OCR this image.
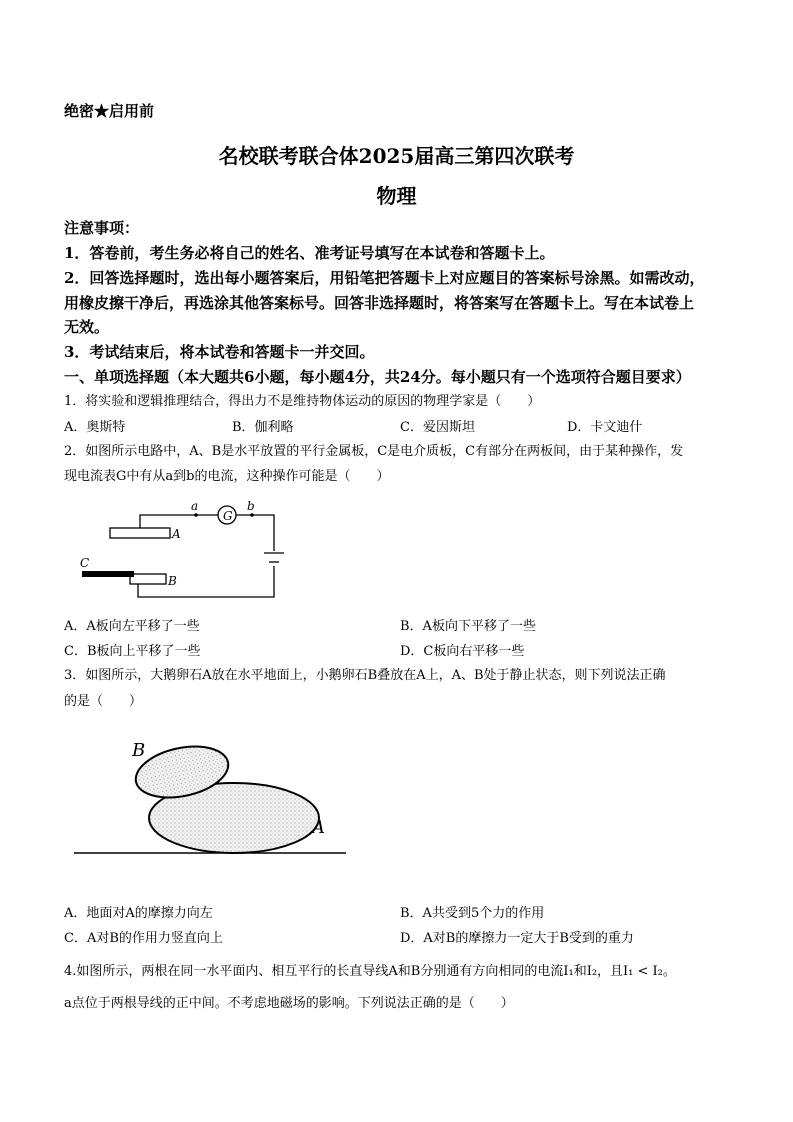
绝密★启用前
名校联考联合体2025届高三第四次联考
物理
注意事项：
1．答卷前，考生务必将自己的姓名、准考证号填写在本试卷和答题卡上。
2．回答选择题时，选出每小题答案后，用铅笔把答题卡上对应题目的答案标号涂黑。如需改动，
用橡皮擦干净后，再选涂其他答案标号。回答非选择题时，将答案写在答题卡上。写在本试卷上
无效。
3．考试结束后，将本试卷和答题卡一并交回。
一、单项选择题（本大题共6小题，每小题4分，共24分。每小题只有一个选项符合题目要求）
1．将实验和逻辑推理结合，得出力不是维持物体运动的原因的物理学家是（　　）
A．奥斯特	B．伽利略	C．爱因斯坦	D．卡文迪什
2．如图所示电路中，A、B是水平放置的平行金属板，C是电介质板，C有部分在两板间，由于某种操作，发
现电流表G中有从a到b的电流，这种操作可能是（　　）
G
a	b
A
B
C
A．A板向左平移了一些	B．A板向下平移了一些
C．B板向上平移了一些	D．C板向右平移一些
3．如图所示，大鹅卵石A放在水平地面上，小鹅卵石B叠放在A上，A、B处于静止状态，则下列说法正确
的是（　　）
A
B
A．地面对A的摩擦力向左	B．A共受到5个力的作用
C．A对B的作用力竖直向上	D．A对B的摩擦力一定大于B受到的重力
4.如图所示，两根在同一水平面内、相互平行的长直导线A和B分别通有方向相同的电流I₁和I₂，且I₁ < I₂。
a点位于两根导线的正中间。不考虑地磁场的影响。下列说法正确的是（　　）
